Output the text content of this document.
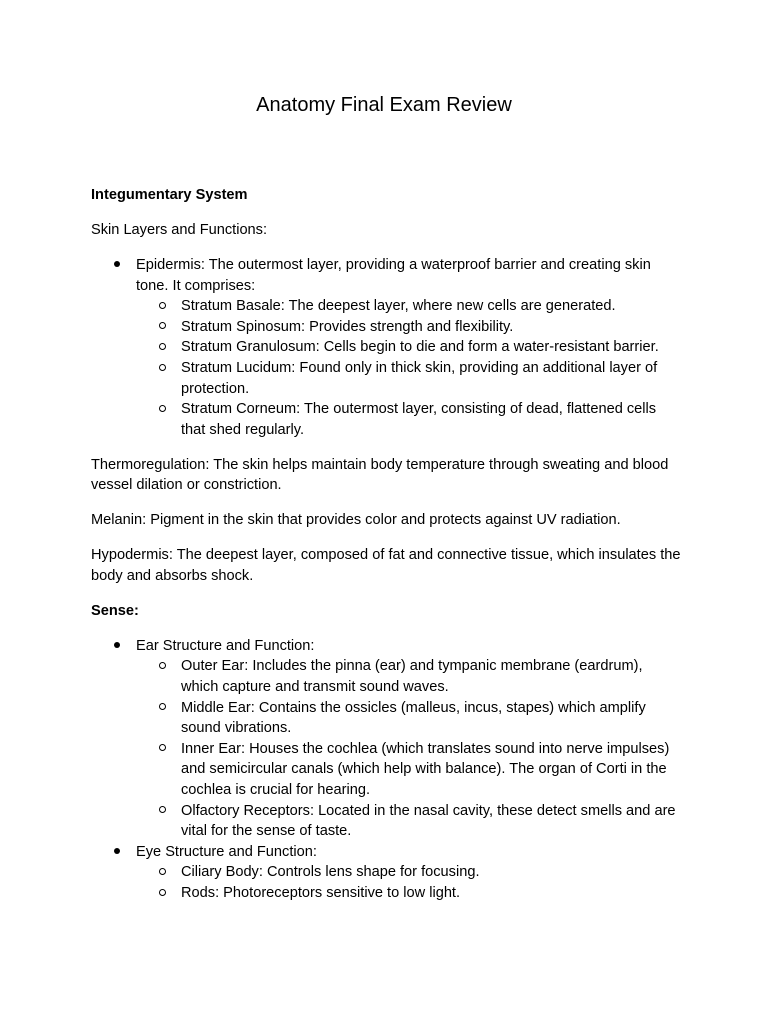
Anatomy Final Exam Review
Integumentary System

Skin Layers and Functions:

Epidermis: The outermost layer, providing a waterproof barrier and creating skin tone. It comprises:
Stratum Basale: The deepest layer, where new cells are generated.
Stratum Spinosum: Provides strength and flexibility.
Stratum Granulosum: Cells begin to die and form a water-resistant barrier.
Stratum Lucidum: Found only in thick skin, providing an additional layer of protection.
Stratum Corneum: The outermost layer, consisting of dead, flattened cells that shed regularly.

Thermoregulation: The skin helps maintain body temperature through sweating and blood vessel dilation or constriction.

Melanin: Pigment in the skin that provides color and protects against UV radiation.

Hypodermis: The deepest layer, composed of fat and connective tissue, which insulates the body and absorbs shock.

Sense:
Ear Structure and Function:
Outer Ear: Includes the pinna (ear) and tympanic membrane (eardrum), which capture and transmit sound waves.
Middle Ear: Contains the ossicles (malleus, incus, stapes) which amplify sound vibrations.
Inner Ear: Houses the cochlea (which translates sound into nerve impulses) and semicircular canals (which help with balance). The organ of Corti in the cochlea is crucial for hearing.
Olfactory Receptors: Located in the nasal cavity, these detect smells and are vital for the sense of taste.
Eye Structure and Function:
Ciliary Body: Controls lens shape for focusing.
Rods: Photoreceptors sensitive to low light.
